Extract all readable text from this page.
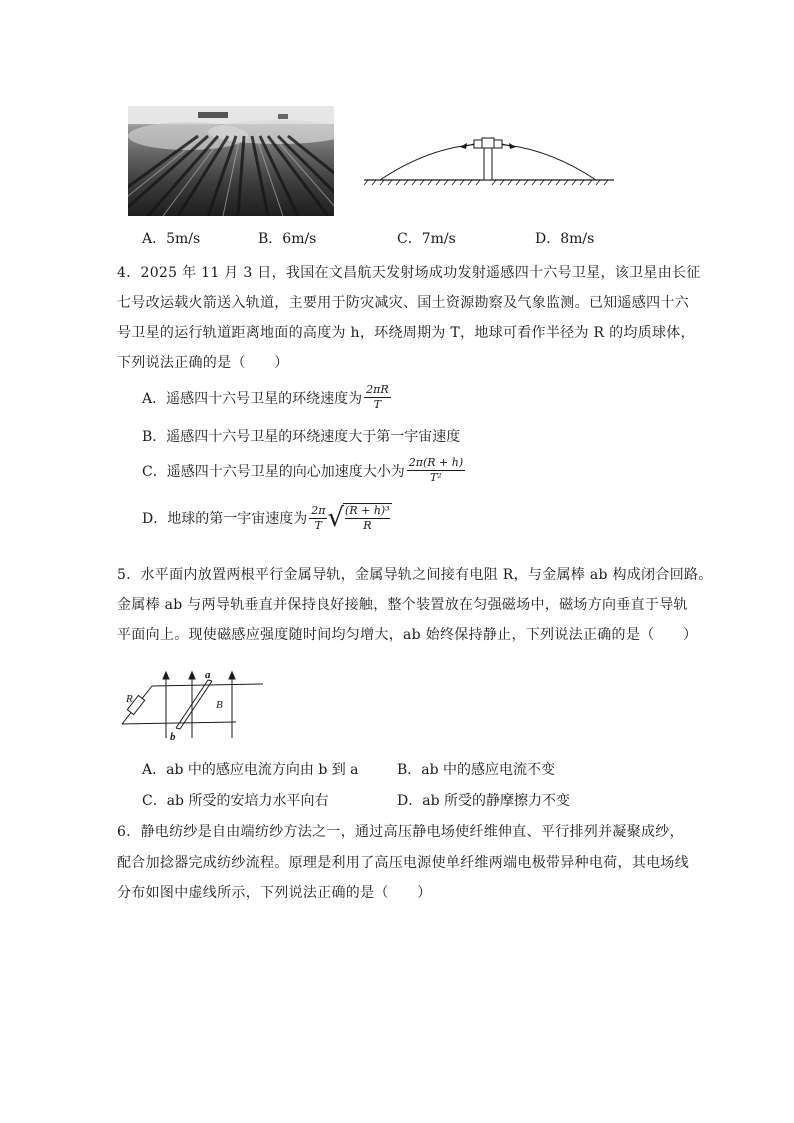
A．5m/s	B．6m/s	C．7m/s	D．8m/s
4．2025 年 11 月 3 日，我国在文昌航天发射场成功发射遥感四十六号卫星，该卫星由长征
七号改运载火箭送入轨道，主要用于防灾减灾、国土资源勘察及气象监测。已知遥感四十六
号卫星的运行轨道距离地面的高度为 h，环绕周期为 T，地球可看作半径为 R 的均质球体，
下列说法正确的是（　　）
A．遥感四十六号卫星的环绕速度为 $\frac{2\pi R}{T}$
B．遥感四十六号卫星的环绕速度大于第一宇宙速度
C．遥感四十六号卫星的向心加速度大小为 $\frac{2\pi(R + h)}{\text{T²}}$
D．地球的第一宇宙速度为 $\frac{2\pi}{T}$ √ $\frac{\text{(R + h)³}}{R}$
5．水平面内放置两根平行金属导轨，金属导轨之间接有电阻 R，与金属棒 ab 构成闭合回路。
金属棒 ab 与两导轨垂直并保持良好接触，整个装置放在匀强磁场中，磁场方向垂直于导轨
平面向上。现使磁感应强度随时间均匀增大，ab 始终保持静止，下列说法正确的是（　　）
R
a
b
B
A．ab 中的感应电流方向由 b 到 a	B．ab 中的感应电流不变
C．ab 所受的安培力水平向右	D．ab 所受的静摩擦力不变
6．静电纺纱是自由端纺纱方法之一，通过高压静电场使纤维伸直、平行排列并凝聚成纱，
配合加捻器完成纺纱流程。原理是利用了高压电源使单纤维两端电极带异种电荷，其电场线
分布如图中虚线所示，下列说法正确的是（　　）
